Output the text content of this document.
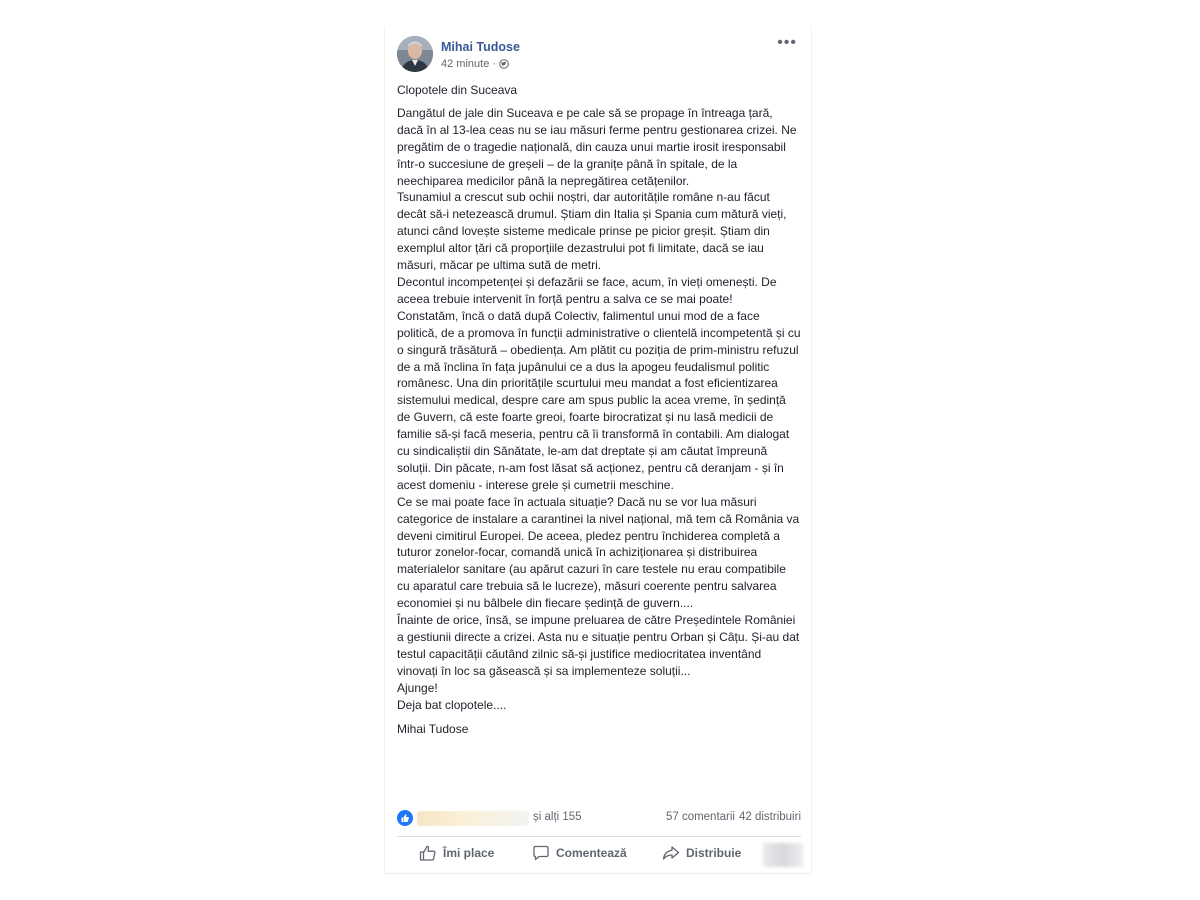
Mihai Tudose
42 minute ·
•••

Clopotele din Suceava

Dangătul de jale din Suceava e pe cale să se propage în întreaga țară, dacă în al 13-lea ceas nu se iau măsuri ferme pentru gestionarea crizei. Ne pregătim de o tragedie națională, din cauza unui martie irosit iresponsabil într-o succesiune de greșeli – de la granițe până în spitale, de la neechiparea medicilor până la nepregătirea cetățenilor.

Tsunamiul a crescut sub ochii noștri, dar autoritățile române n-au făcut decât să-i netezească drumul. Știam din Italia și Spania cum mătură vieți, atunci când lovește sisteme medicale prinse pe picior greșit. Știam din exemplul altor țări că proporțiile dezastrului pot fi limitate, dacă se iau măsuri, măcar pe ultima sută de metri.

Decontul incompetenței și defazării se face, acum, în vieți omenești. De aceea trebuie intervenit în forță pentru a salva ce se mai poate!

Constatăm, încă o dată după Colectiv, falimentul unui mod de a face politică, de a promova în funcții administrative o clientelă incompetentă și cu o singură trăsătură – obediența. Am plătit cu poziția de prim-ministru refuzul de a mă înclina în fața jupânului ce a dus la apogeu feudalismul politic românesc. Una din prioritățile scurtului meu mandat a fost eficientizarea sistemului medical, despre care am spus public la acea vreme, în ședință de Guvern, că este foarte greoi, foarte birocratizat și nu lasă medicii de familie să-și facă meseria, pentru că îi transformă în contabili. Am dialogat cu sindicaliștii din Sănătate, le-am dat dreptate și am căutat împreună soluții. Din păcate, n-am fost lăsat să acționez, pentru că deranjam - și în acest domeniu - interese grele și cumetrii meschine.

Ce se mai poate face în actuala situație? Dacă nu se vor lua măsuri categorice de instalare a carantinei la nivel național, mă tem că România va deveni cimitirul Europei. De aceea, pledez pentru închiderea completă a tuturor zonelor-focar, comandă unică în achiziționarea și distribuirea materialelor sanitare (au apărut cazuri în care testele nu erau compatibile cu aparatul care trebuia să le lucreze), măsuri coerente pentru salvarea economiei și nu bâlbele din fiecare ședință de guvern....

Înainte de orice, însă, se impune preluarea de către Președintele României a gestiunii directe a crizei. Asta nu e situație pentru Orban și Câțu. Și-au dat testul capacității căutând zilnic să-și justifice mediocritatea inventând vinovați în loc sa găsească și sa implementeze soluții...

Ajunge!

Deja bat clopotele....

Mihai Tudose

și alți 155	57 comentarii 42 distribuiri
Îmi place	Comentează	Distribuie
